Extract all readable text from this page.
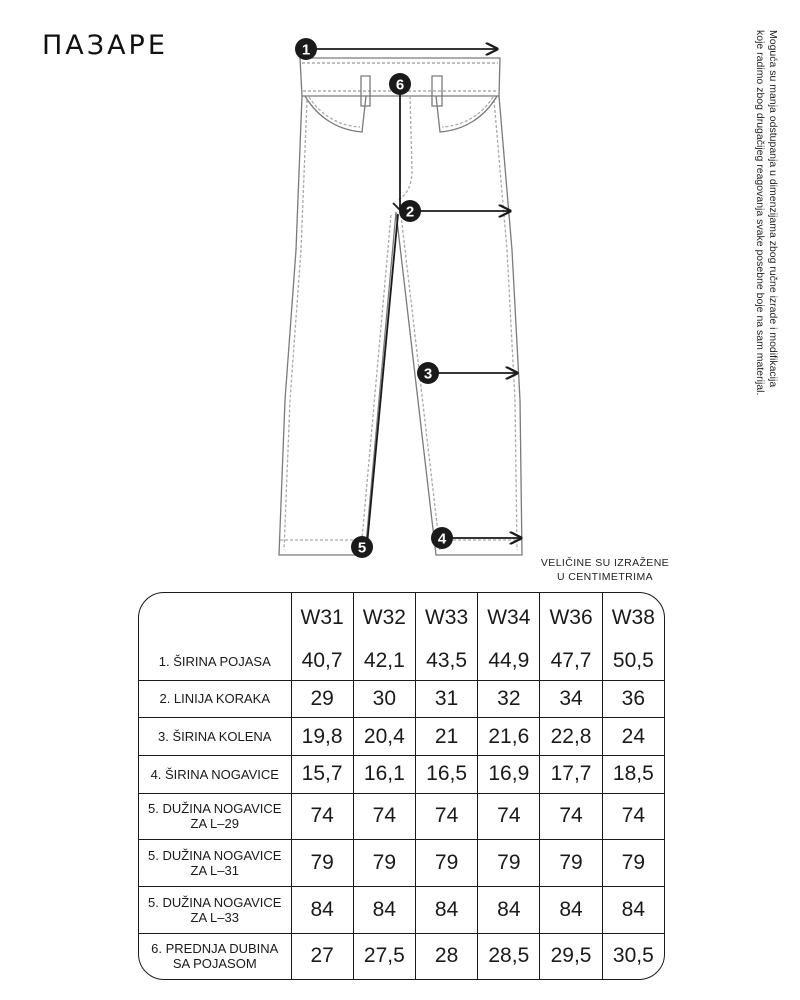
ΠΑЗАРЕ	Moguća su manja odstupanja u dimenzijama zbog ručne izrade i modifikacija koje radimo zbog drugačijeg reagovanja svake posebne boje na sam materijal.
1
2
3
4
5
6
VELIČINE SU IZRAŽENE
U CENTIMETRIMA
	W31	W32	W33	W34	W36	W38
1. ŠIRINA POJASA	40,7	42,1	43,5	44,9	47,7	50,5
2. LINIJA KORAKA	29	30	31	32	34	36
3. ŠIRINA KOLENA	19,8	20,4	21	21,6	22,8	24
4. ŠIRINA NOGAVICE	15,7	16,1	16,5	16,9	17,7	18,5
5. DUŽINA NOGAVICE
ZA L–29	74	74	74	74	74	74
5. DUŽINA NOGAVICE
ZA L–31	79	79	79	79	79	79
5. DUŽINA NOGAVICE
ZA L–33	84	84	84	84	84	84
6. PREDNJA DUBINA
SA POJASOM	27	27,5	28	28,5	29,5	30,5
